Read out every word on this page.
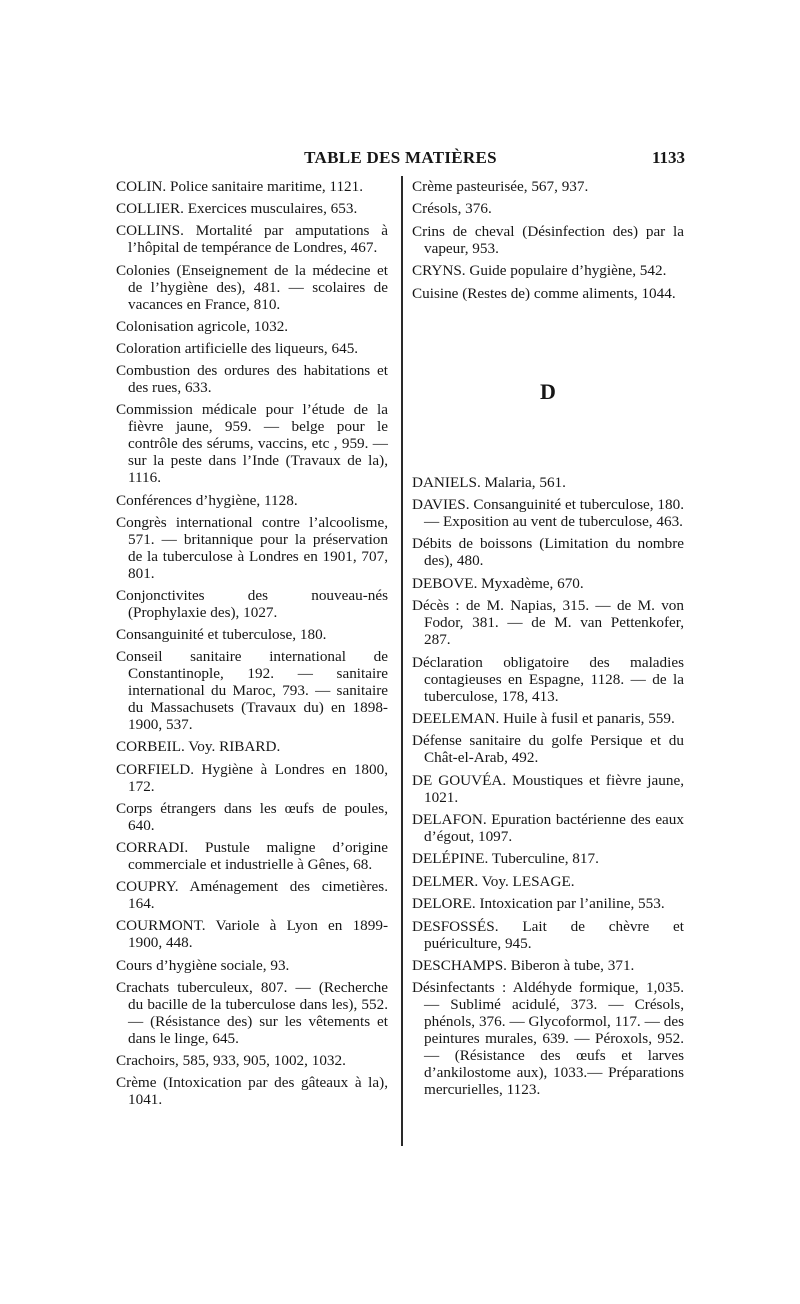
TABLE DES MATIÈRES	1133

COLIN. Police sanitaire maritime, 1121.

COLLIER. Exercices musculaires, 653.

COLLINS. Mortalité par amputations à l’hôpital de tempérance de Londres, 467.

Colonies (Enseignement de la médecine et de l’hygiène des), 481. — scolaires de vacances en France, 810.

Colonisation agricole, 1032.

Coloration artificielle des liqueurs, 645.

Combustion des ordures des habitations et des rues, 633.

Commission médicale pour l’étude de la fièvre jaune, 959. — belge pour le contrôle des sérums, vaccins, etc , 959. — sur la peste dans l’Inde (Travaux de la), 1116.

Conférences d’hygiène, 1128.

Congrès international contre l’alcoolisme, 571. — britannique pour la préservation de la tuberculose à Londres en 1901, 707, 801.

Conjonctivites des nouveau-nés (Prophylaxie des), 1027.

Consanguinité et tuberculose, 180.

Conseil sanitaire international de Constantinople, 192. — sanitaire international du Maroc, 793. — sanitaire du Massachusets (Travaux du) en 1898-1900, 537.

CORBEIL. Voy. RIBARD.

CORFIELD. Hygiène à Londres en 1800, 172.

Corps étrangers dans les œufs de poules, 640.

CORRADI. Pustule maligne d’origine commerciale et industrielle à Gênes, 68.

COUPRY. Aménagement des cimetières. 164.

COURMONT. Variole à Lyon en 1899-1900, 448.

Cours d’hygiène sociale, 93.

Crachats tuberculeux, 807. — (Recherche du bacille de la tuberculose dans les), 552. — (Résistance des) sur les vêtements et dans le linge, 645.

Crachoirs, 585, 933, 905, 1002, 1032.

Crème (Intoxication par des gâteaux à la), 1041.

Crème pasteurisée, 567, 937.

Crésols, 376.

Crins de cheval (Désinfection des) par la vapeur, 953.

CRYNS. Guide populaire d’hygiène, 542.

Cuisine (Restes de) comme aliments, 1044.

D

DANIELS. Malaria, 561.

DAVIES. Consanguinité et tuberculose, 180. — Exposition au vent de tuberculose, 463.

Débits de boissons (Limitation du nombre des), 480.

DEBOVE. Myxadème, 670.

Décès : de M. Napias, 315. — de M. von Fodor, 381. — de M. van Pettenkofer, 287.

Déclaration obligatoire des maladies contagieuses en Espagne, 1128. — de la tuberculose, 178, 413.

DEELEMAN. Huile à fusil et panaris, 559.

Défense sanitaire du golfe Persique et du Chât-el-Arab, 492.

DE GOUVÉA. Moustiques et fièvre jaune, 1021.

DELAFON. Epuration bactérienne des eaux d’égout, 1097.

DELÉPINE. Tuberculine, 817.

DELMER. Voy. LESAGE.

DELORE. Intoxication par l’aniline, 553.

DESFOSSÉS. Lait de chèvre et puériculture, 945.

DESCHAMPS. Biberon à tube, 371.

Désinfectants : Aldéhyde formique, 1,035. — Sublimé acidulé, 373. — Crésols, phénols, 376. — Glycoformol, 117. — des peintures murales, 639. — Péroxols, 952. — (Résistance des œufs et larves d’ankilostome aux), 1033.— Préparations mercurielles, 1123.
